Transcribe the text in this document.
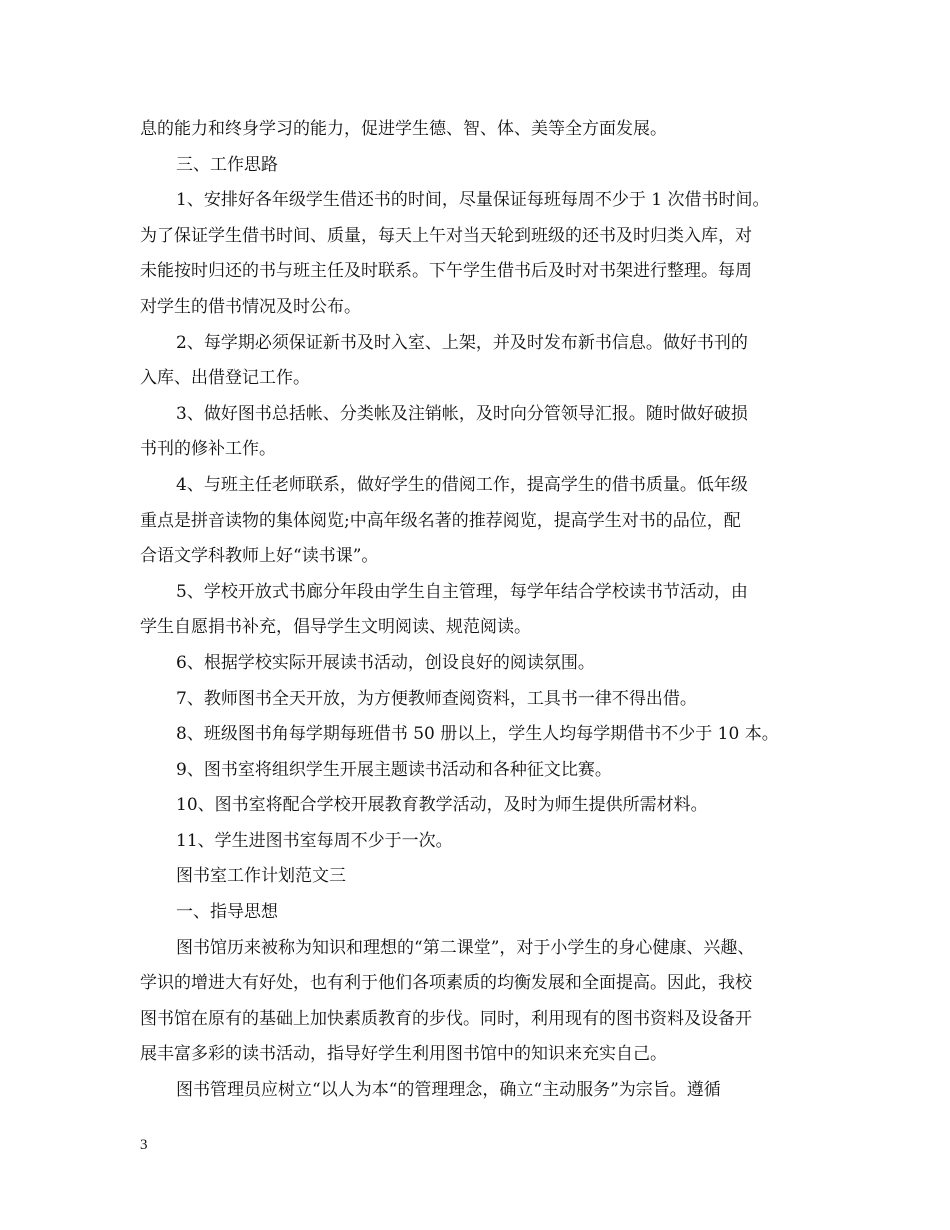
息的能力和终身学习的能力，促进学生德、智、体、美等全方面发展。
三、工作思路
1、安排好各年级学生借还书的时间，尽量保证每班每周不少于 1 次借书时间。
为了保证学生借书时间、质量，每天上午对当天轮到班级的还书及时归类入库，对
未能按时归还的书与班主任及时联系。下午学生借书后及时对书架进行整理。每周
对学生的借书情况及时公布。
2、每学期必须保证新书及时入室、上架，并及时发布新书信息。做好书刊的
入库、出借登记工作。
3、做好图书总括帐、分类帐及注销帐，及时向分管领导汇报。随时做好破损
书刊的修补工作。
4、与班主任老师联系，做好学生的借阅工作，提高学生的借书质量。低年级
重点是拼音读物的集体阅览;中高年级名著的推荐阅览，提高学生对书的品位，配
合语文学科教师上好“读书课”。
5、学校开放式书廊分年段由学生自主管理，每学年结合学校读书节活动，由
学生自愿捐书补充，倡导学生文明阅读、规范阅读。
6、根据学校实际开展读书活动，创设良好的阅读氛围。
7、教师图书全天开放，为方便教师查阅资料，工具书一律不得出借。
8、班级图书角每学期每班借书 50 册以上，学生人均每学期借书不少于 10 本。
9、图书室将组织学生开展主题读书活动和各种征文比赛。
10、图书室将配合学校开展教育教学活动，及时为师生提供所需材料。
11、学生进图书室每周不少于一次。
图书室工作计划范文三
一、指导思想
图书馆历来被称为知识和理想的“第二课堂”，对于小学生的身心健康、兴趣、
学识的增进大有好处，也有利于他们各项素质的均衡发展和全面提高。因此，我校
图书馆在原有的基础上加快素质教育的步伐。同时，利用现有的图书资料及设备开
展丰富多彩的读书活动，指导好学生利用图书馆中的知识来充实自己。
图书管理员应树立“以人为本“的管理理念，确立“主动服务”为宗旨。遵循
3
